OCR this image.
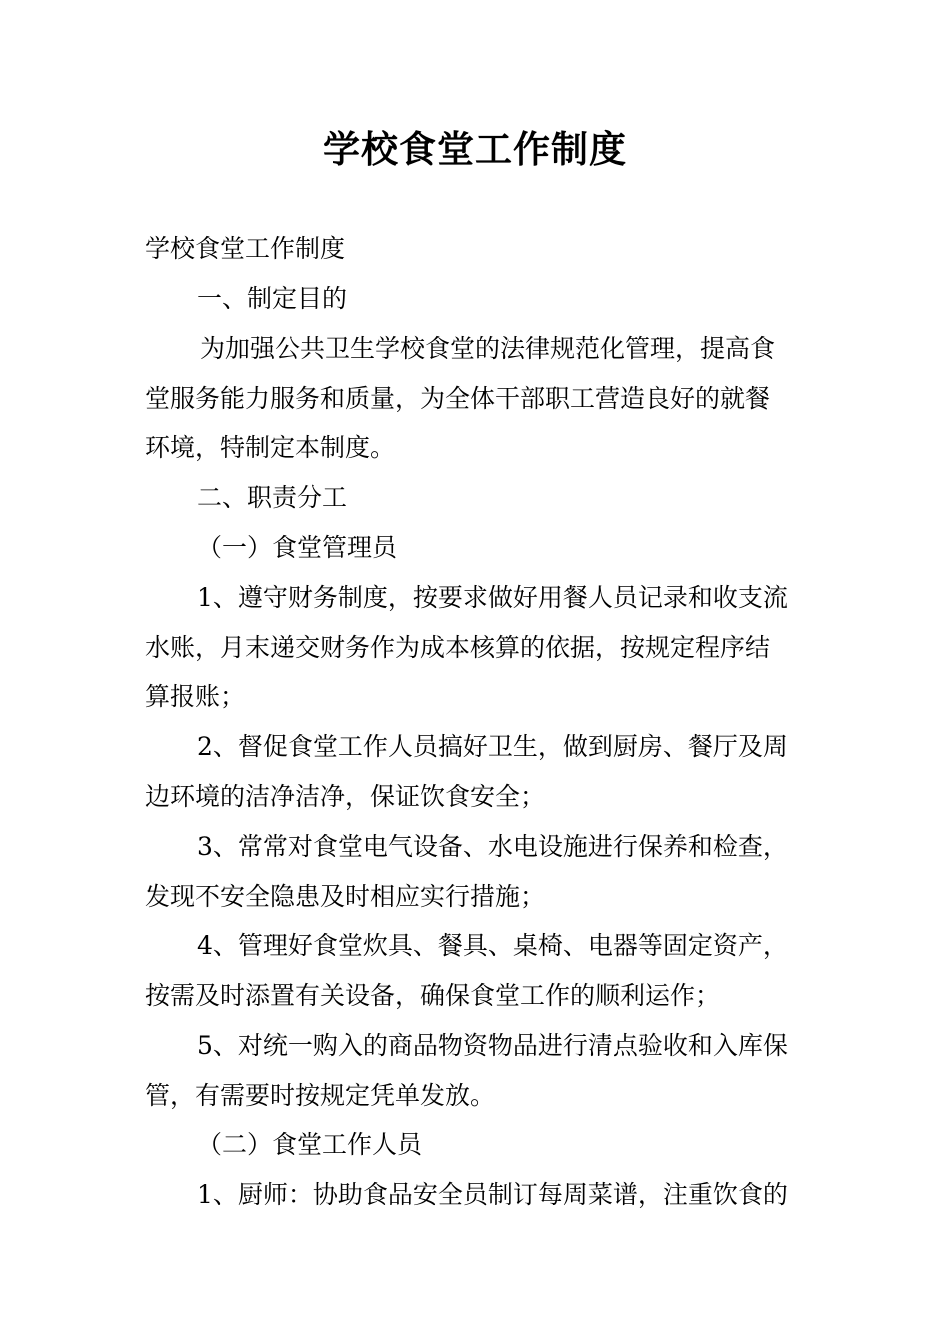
学校食堂工作制度

学校食堂工作制度

一、制定目的

为加强公共卫生学校食堂的法律规范化管理，提高食

堂服务能力服务和质量，为全体干部职工营造良好的就餐

环境，特制定本制度。

二、职责分工

（一）食堂管理员

1、遵守财务制度，按要求做好用餐人员记录和收支流

水账，月末递交财务作为成本核算的依据，按规定程序结

算报账；

2、督促食堂工作人员搞好卫生，做到厨房、餐厅及周

边环境的洁净洁净，保证饮食安全；

3、常常对食堂电气设备、水电设施进行保养和检查，

发现不安全隐患及时相应实行措施；

4、管理好食堂炊具、餐具、桌椅、电器等固定资产，

按需及时添置有关设备，确保食堂工作的顺利运作；

5、对统一购入的商品物资物品进行清点验收和入库保

管，有需要时按规定凭单发放。

（二）食堂工作人员

1、厨师：协助食品安全员制订每周菜谱，注重饮食的
